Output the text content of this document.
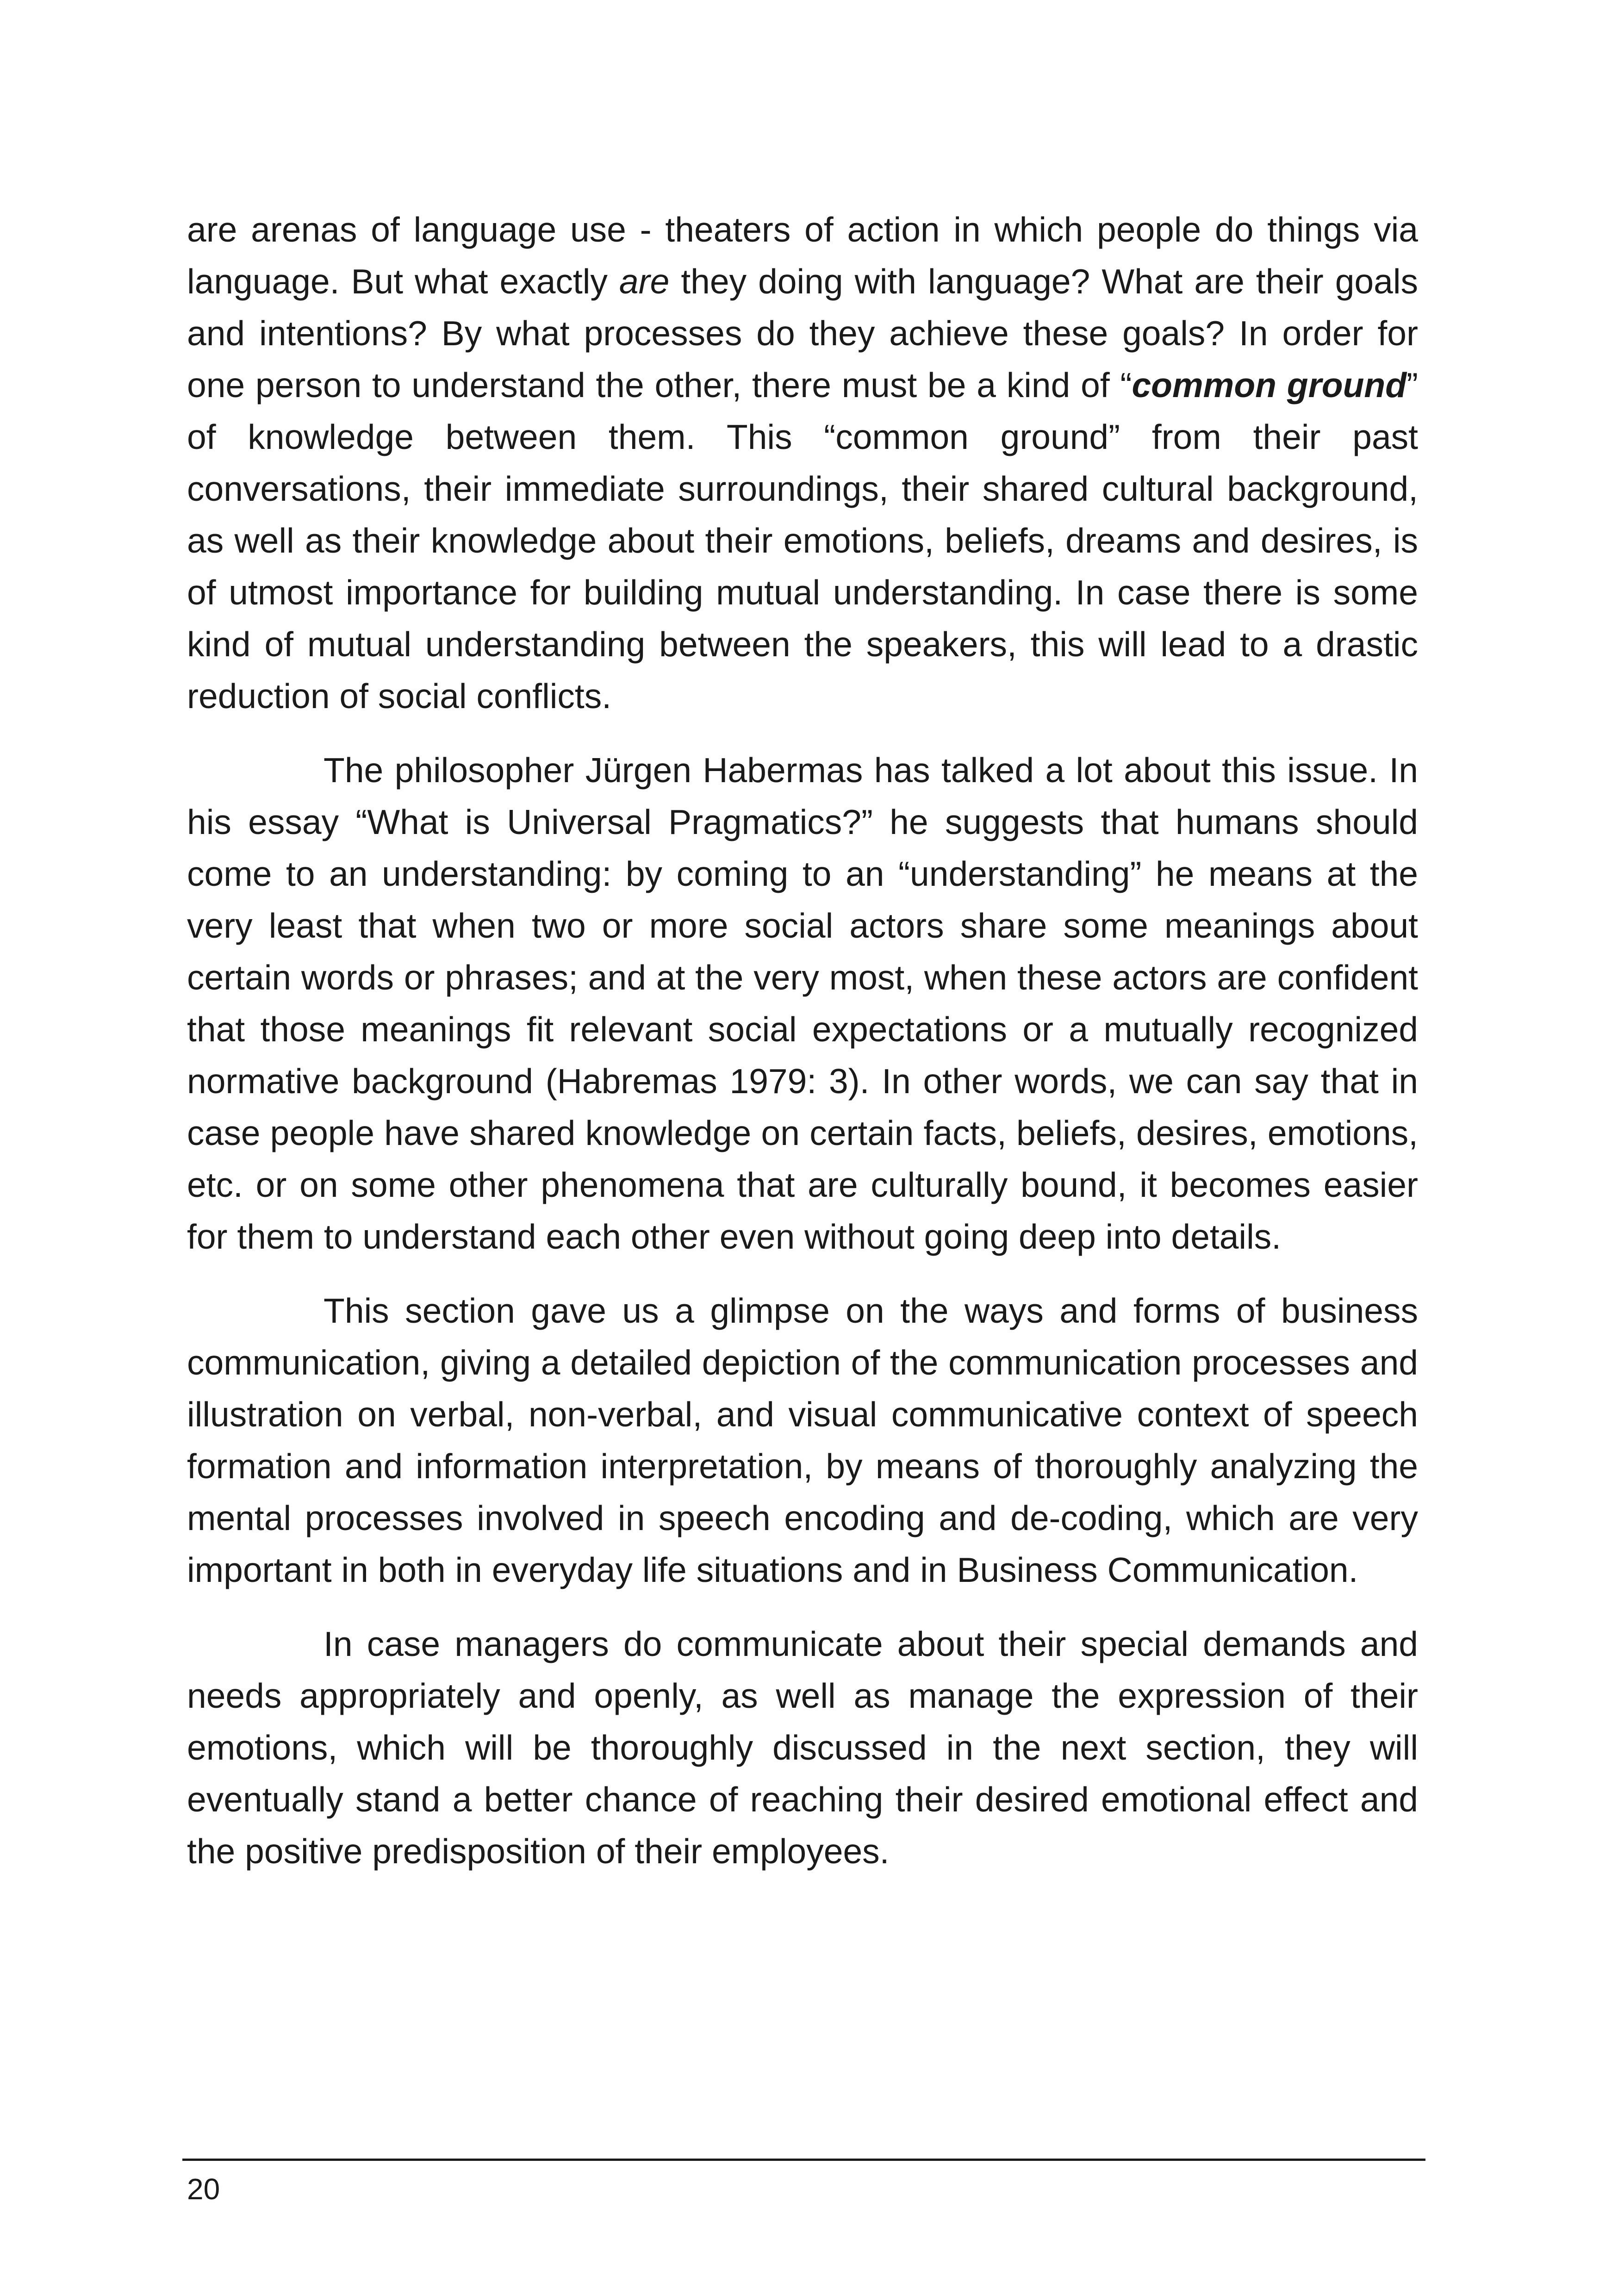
are arenas of language use - theaters of action in which people do things via language. But what exactly are they doing with language? What are their goals and intentions? By what processes do they achieve these goals? In order for one person to understand the other, there must be a kind of “common ground” of knowledge between them. This “common ground” from their past conversations, their immediate surroundings, their shared cultural background, as well as their knowledge about their emotions, beliefs, dreams and desires, is of utmost importance for building mutual understanding. In case there is some kind of mutual understanding between the speakers, this will lead to a drastic reduction of social conflicts.

The philosopher Jürgen Habermas has talked a lot about this issue. In his essay “What is Universal Pragmatics?” he suggests that humans should come to an understanding: by coming to an “understanding” he means at the very least that when two or more social actors share some meanings about certain words or phrases; and at the very most, when these actors are confident that those meanings fit relevant social expectations or a mutually recognized normative background (Habremas 1979: 3). In other words, we can say that in case people have shared knowledge on certain facts, beliefs, desires, emotions, etc. or on some other phenomena that are culturally bound, it becomes easier for them to understand each other even without going deep into details.

This section gave us a glimpse on the ways and forms of business communication, giving a detailed depiction of the communication processes and illustration on verbal, non-verbal, and visual communicative context of speech formation and information interpretation, by means of thoroughly analyzing the mental processes involved in speech encoding and de-coding, which are very important in both in everyday life situations and in Business Communication.

In case managers do communicate about their special demands and needs appropriately and openly, as well as manage the expression of their emotions, which will be thoroughly discussed in the next section, they will eventually stand a better chance of reaching their desired emotional effect and the positive predisposition of their employees.

20
